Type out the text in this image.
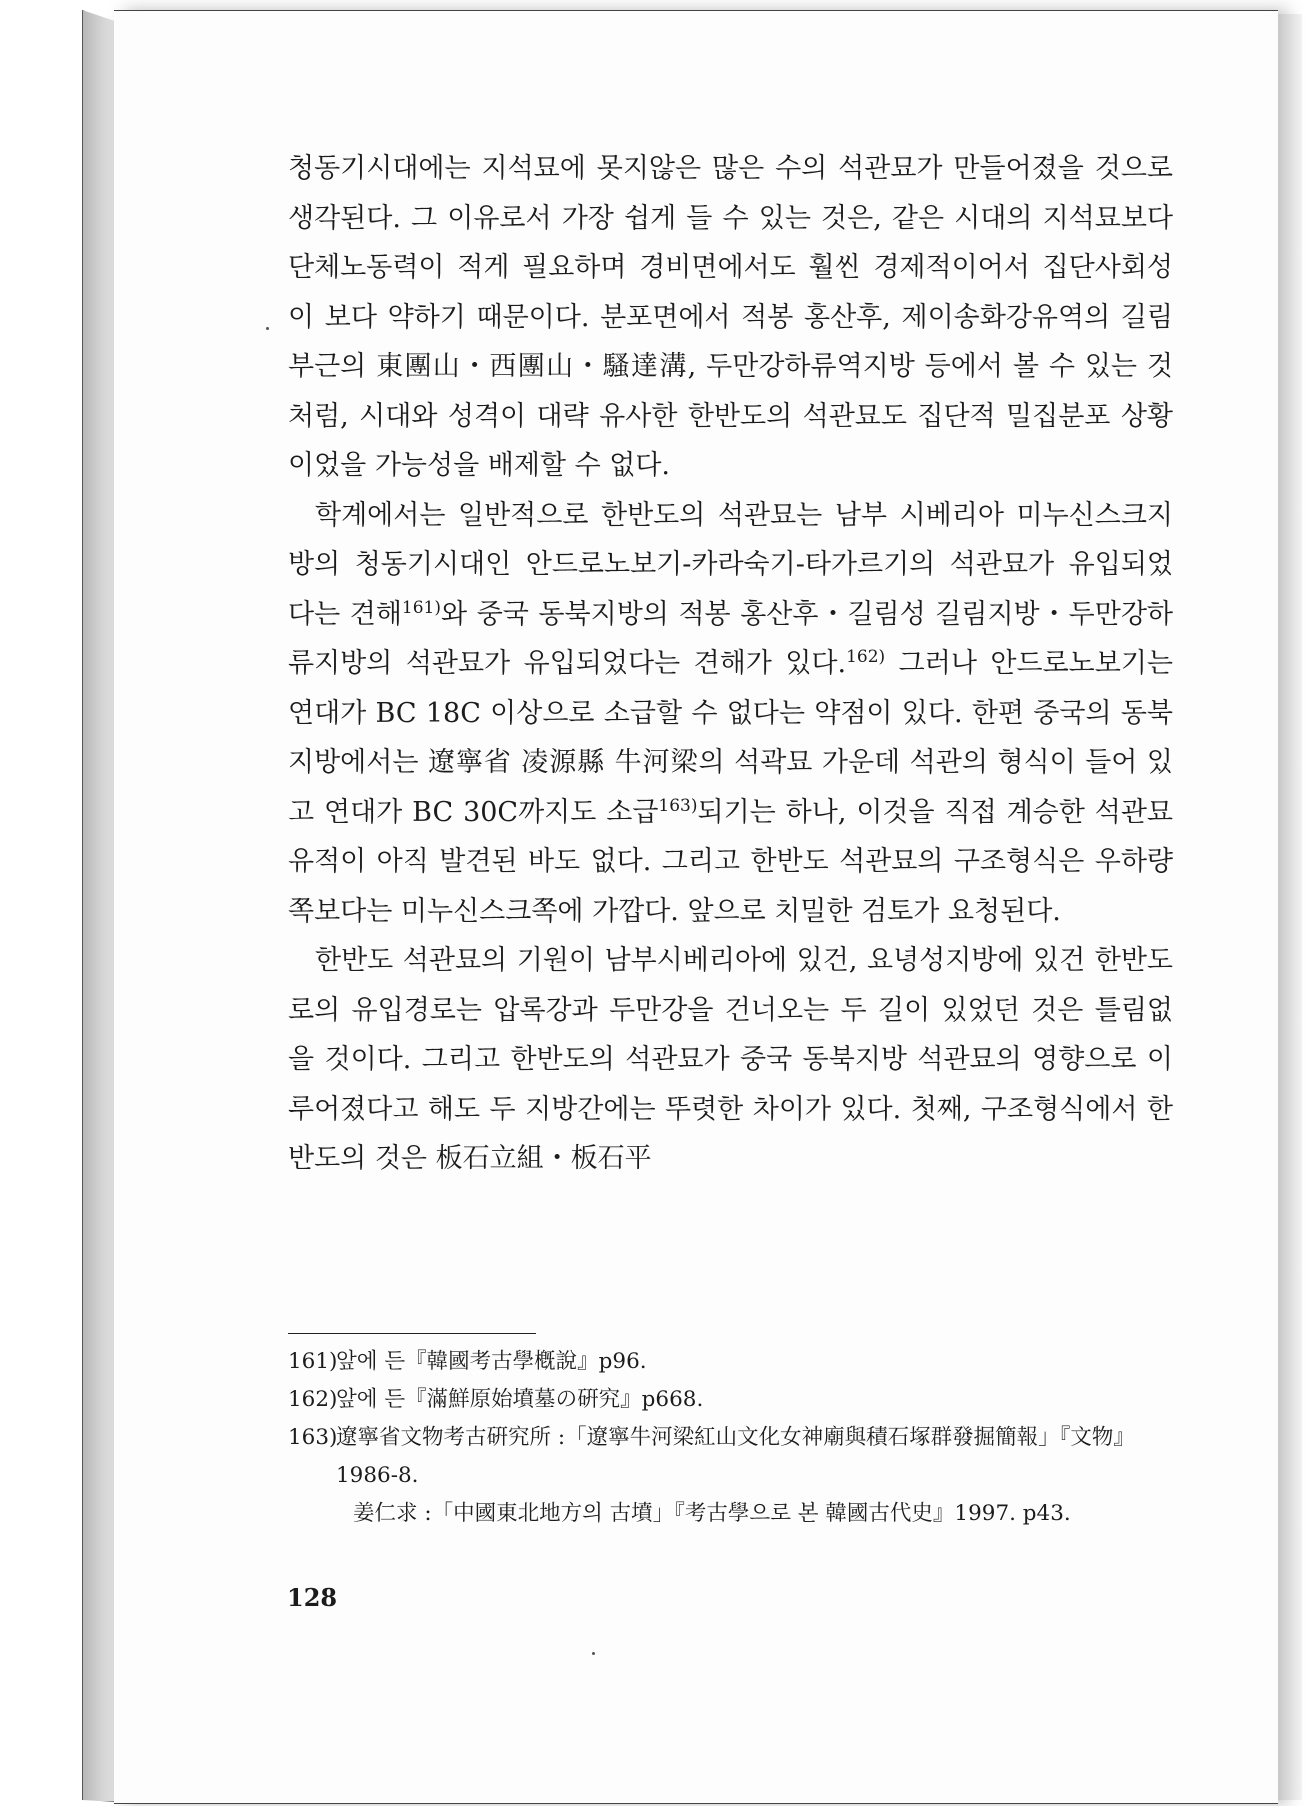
청동기시대에는 지석묘에 못지않은 많은 수의 석관묘가 만들어졌을 것으로 생각된다. 그 이유로서 가장 쉽게 들 수 있는 것은, 같은 시대의 지석묘보다 단체노동력이 적게 필요하며 경비면에서도 훨씬 경제적이어서 집단사회성이 보다 약하기 때문이다. 분포면에서 적봉 홍산후, 제이송화강유역의 길림 부근의 東團山・西團山・騷達溝, 두만강하류역지방 등에서 볼 수 있는 것처럼, 시대와 성격이 대략 유사한 한반도의 석관묘도 집단적 밀집분포 상황이었을 가능성을 배제할 수 없다.

학계에서는 일반적으로 한반도의 석관묘는 남부 시베리아 미누신스크지방의 청동기시대인 안드로노보기-카라숙기-타가르기의 석관묘가 유입되었다는 견해$^{161)}$와 중국 동북지방의 적봉 홍산후・길림성 길림지방・두만강하류지방의 석관묘가 유입되었다는 견해가 있다.$^{162)}$ 그러나 안드로노보기는 연대가 BC 18C 이상으로 소급할 수 없다는 약점이 있다. 한편 중국의 동북지방에서는 遼寧省 凌源縣 牛河梁의 석곽묘 가운데 석관의 형식이 들어 있고 연대가 BC 30C까지도 소급$^{163)}$되기는 하나, 이것을 직접 계승한 석관묘 유적이 아직 발견된 바도 없다. 그리고 한반도 석관묘의 구조형식은 우하량쪽보다는 미누신스크쪽에 가깝다. 앞으로 치밀한 검토가 요청된다.

한반도 석관묘의 기원이 남부시베리아에 있건, 요녕성지방에 있건 한반도로의 유입경로는 압록강과 두만강을 건너오는 두 길이 있었던 것은 틀림없을 것이다. 그리고 한반도의 석관묘가 중국 동북지방 석관묘의 영향으로 이루어졌다고 해도 두 지방간에는 뚜렷한 차이가 있다. 첫째, 구조형식에서 한반도의 것은 板石立組・板石平

161)
앞에 든『韓國考古學槪說』p96.
162)
앞에 든『滿鮮原始墳墓の硏究』p668.
163)
遼寧省文物考古硏究所 :「遼寧牛河梁紅山文化女神廟與積石塚群發掘簡報」『文物』1986-8.
姜仁求 :「中國東北地方의 古墳」『考古學으로 본 韓國古代史』1997. p43.
128
